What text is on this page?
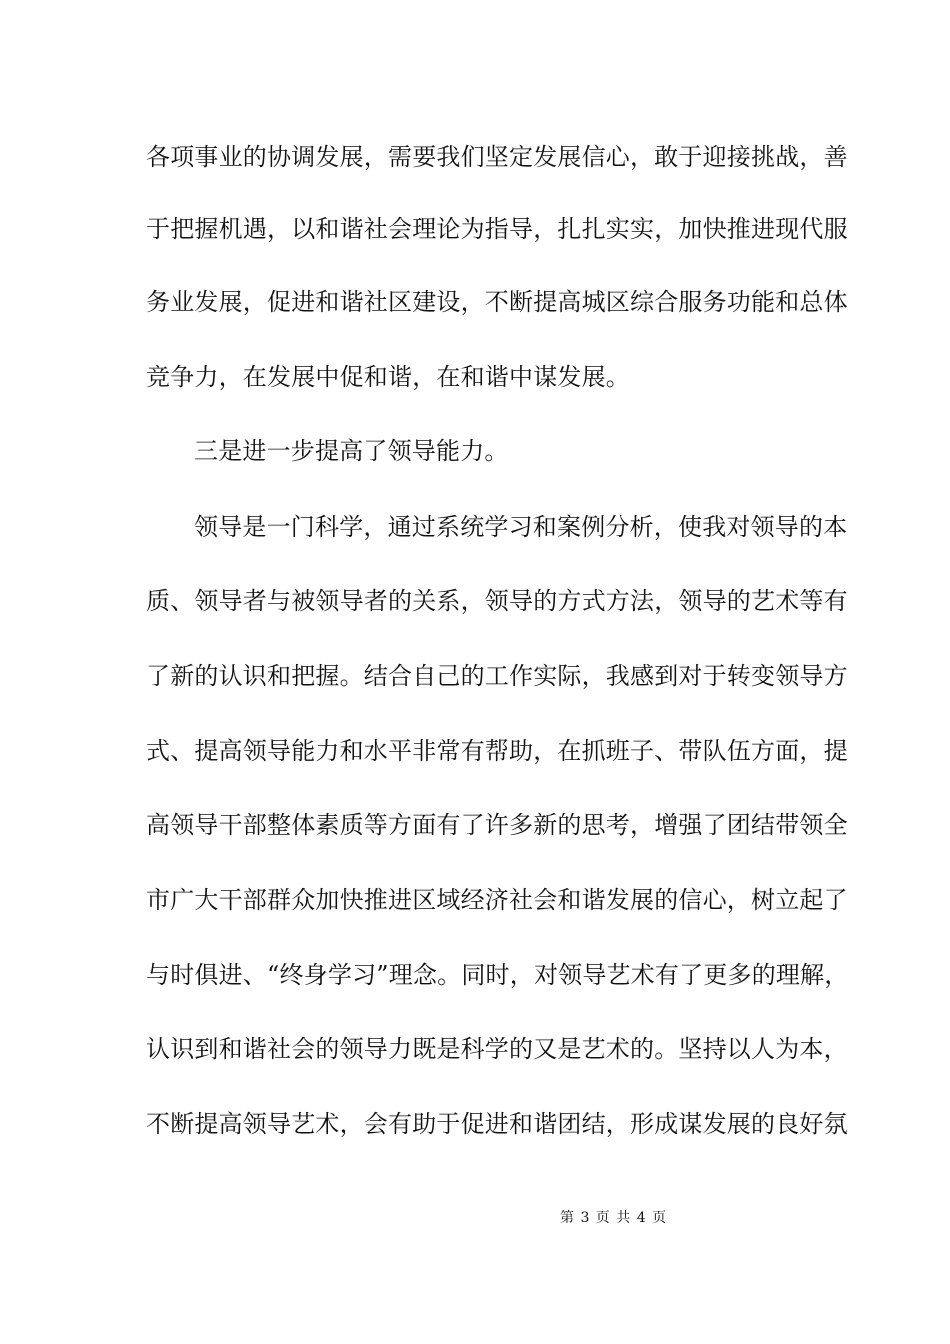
各项事业的协调发展，需要我们坚定发展信心，敢于迎接挑战，善
于把握机遇，以和谐社会理论为指导，扎扎实实，加快推进现代服
务业发展，促进和谐社区建设，不断提高城区综合服务功能和总体
竞争力，在发展中促和谐，在和谐中谋发展。
三是进一步提高了领导能力。
领导是一门科学，通过系统学习和案例分析，使我对领导的本
质、领导者与被领导者的关系，领导的方式方法，领导的艺术等有
了新的认识和把握。结合自己的工作实际，我感到对于转变领导方
式、提高领导能力和水平非常有帮助，在抓班子、带队伍方面，提
高领导干部整体素质等方面有了许多新的思考，增强了团结带领全
市广大干部群众加快推进区域经济社会和谐发展的信心，树立起了
与时俱进、“终身学习”理念。同时，对领导艺术有了更多的理解，
认识到和谐社会的领导力既是科学的又是艺术的。坚持以人为本，
不断提高领导艺术，会有助于促进和谐团结，形成谋发展的良好氛
第 3 页 共 4 页
